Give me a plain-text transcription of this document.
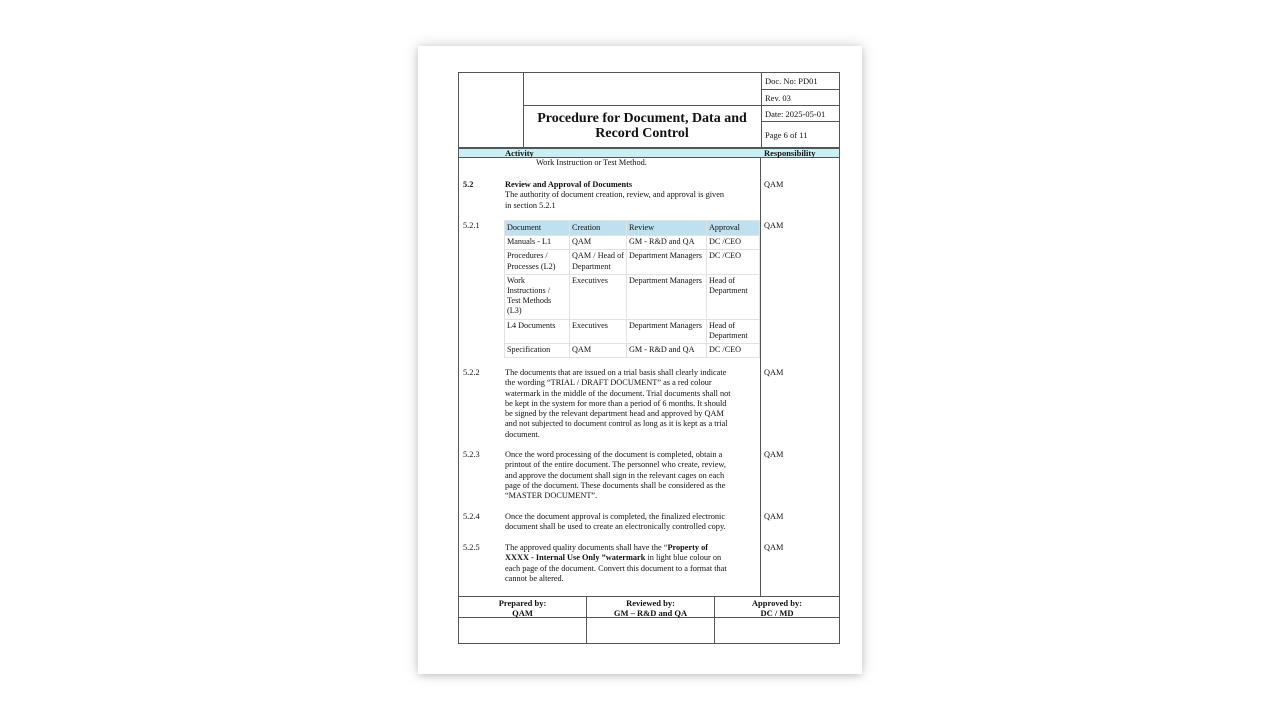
Procedure for Document, Data and
Record Control
Doc. No: PD01
Rev. 03
Date: 2025-05-01
Page 6 of 11
Activity	Responsibility
Work Instruction or Test Method.
5.2	Review and Approval of Documents
The authority of document creation, review, and approval is given
in section 5.2.1
QAM
5.2.1	QAM
Document	Creation	Review	Approval
Manuals - L1	QAM	GM - R&D and QA	DC /CEO
Procedures / Processes (L2)	QAM / Head of Department	Department Managers	DC /CEO
Work Instructions / Test Methods (L3)	Executives	Department Managers	Head of Department
L4 Documents	Executives	Department Managers	Head of Department
Specification	QAM	GM - R&D and QA	DC /CEO
5.2.2	The documents that are issued on a trial basis shall clearly indicate
the wording “TRIAL / DRAFT DOCUMENT” as a red colour
watermark in the middle of the document. Trial documents shall not
be kept in the system for more than a period of 6 months. It should
be signed by the relevant department head and approved by QAM
and not subjected to document control as long as it is kept as a trial
document.
QAM
5.2.3	Once the word processing of the document is completed, obtain a
printout of the entire document. The personnel who create, review,
and approve the document shall sign in the relevant cages on each
page of the document. These documents shall be considered as the
“MASTER DOCUMENT”.
QAM
5.2.4	Once the document approval is completed, the finalized electronic
document shall be used to create an electronically controlled copy.
QAM
5.2.5	The approved quality documents shall have the “Property of
XXXX - Internal Use Only ”watermark in light blue colour on
each page of the document. Convert this document to a format that
cannot be altered.
QAM
Prepared by:
QAM
Reviewed by:
GM – R&D and QA
Approved by:
DC / MD
